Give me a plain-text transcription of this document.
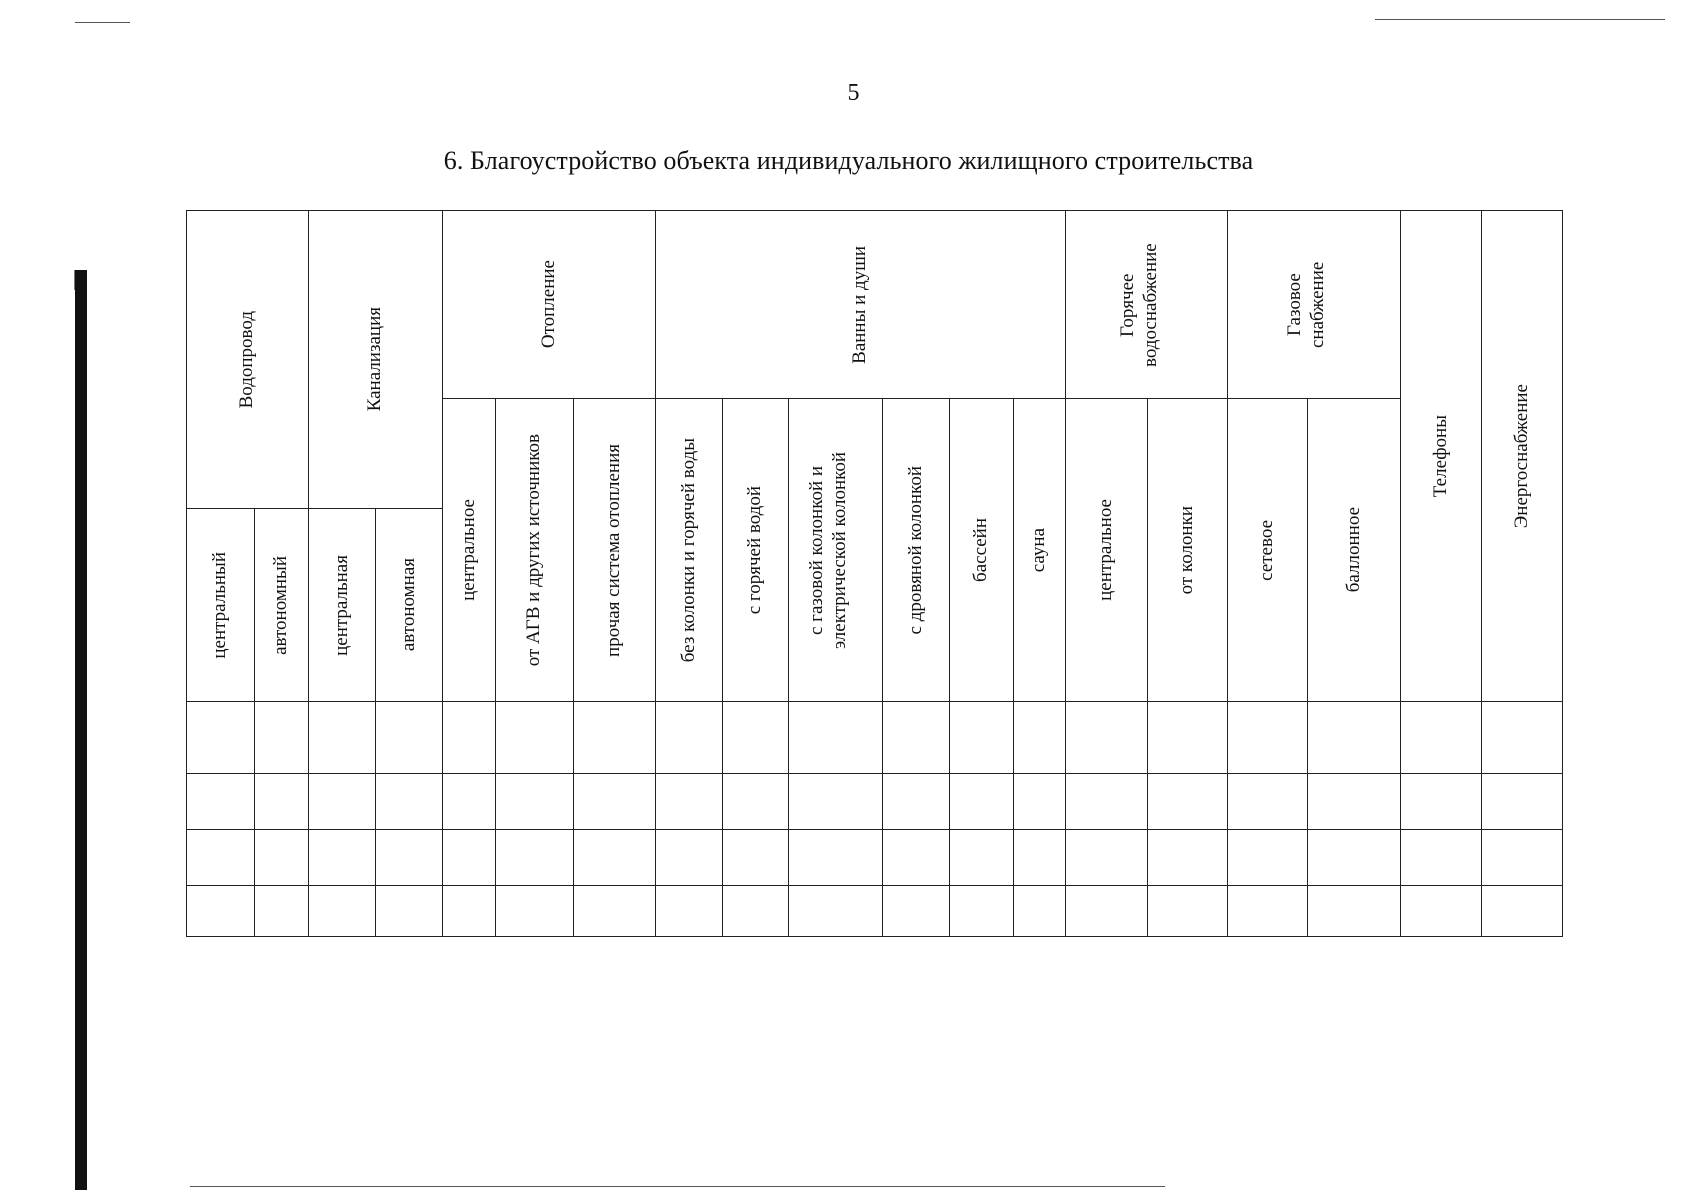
5
6. Благоустройство объекта индивидуального жилищного строительства
Водопровод		Канализация		Отопление			Ванны и души						Горячее водоснабжение		Газовое снабжение		Телефоны	Энергоснабжение

				центральное	от АГВ и других источников	прочая система отопления	без колонки и горячей воды	с горячей водой	с газовой колонкой и электрической колонкой	с дровяной колонкой	бассейн	сауна	центральное	от колонки	сетевое	баллонное		

центральный	автономный	центральная	автономная															
